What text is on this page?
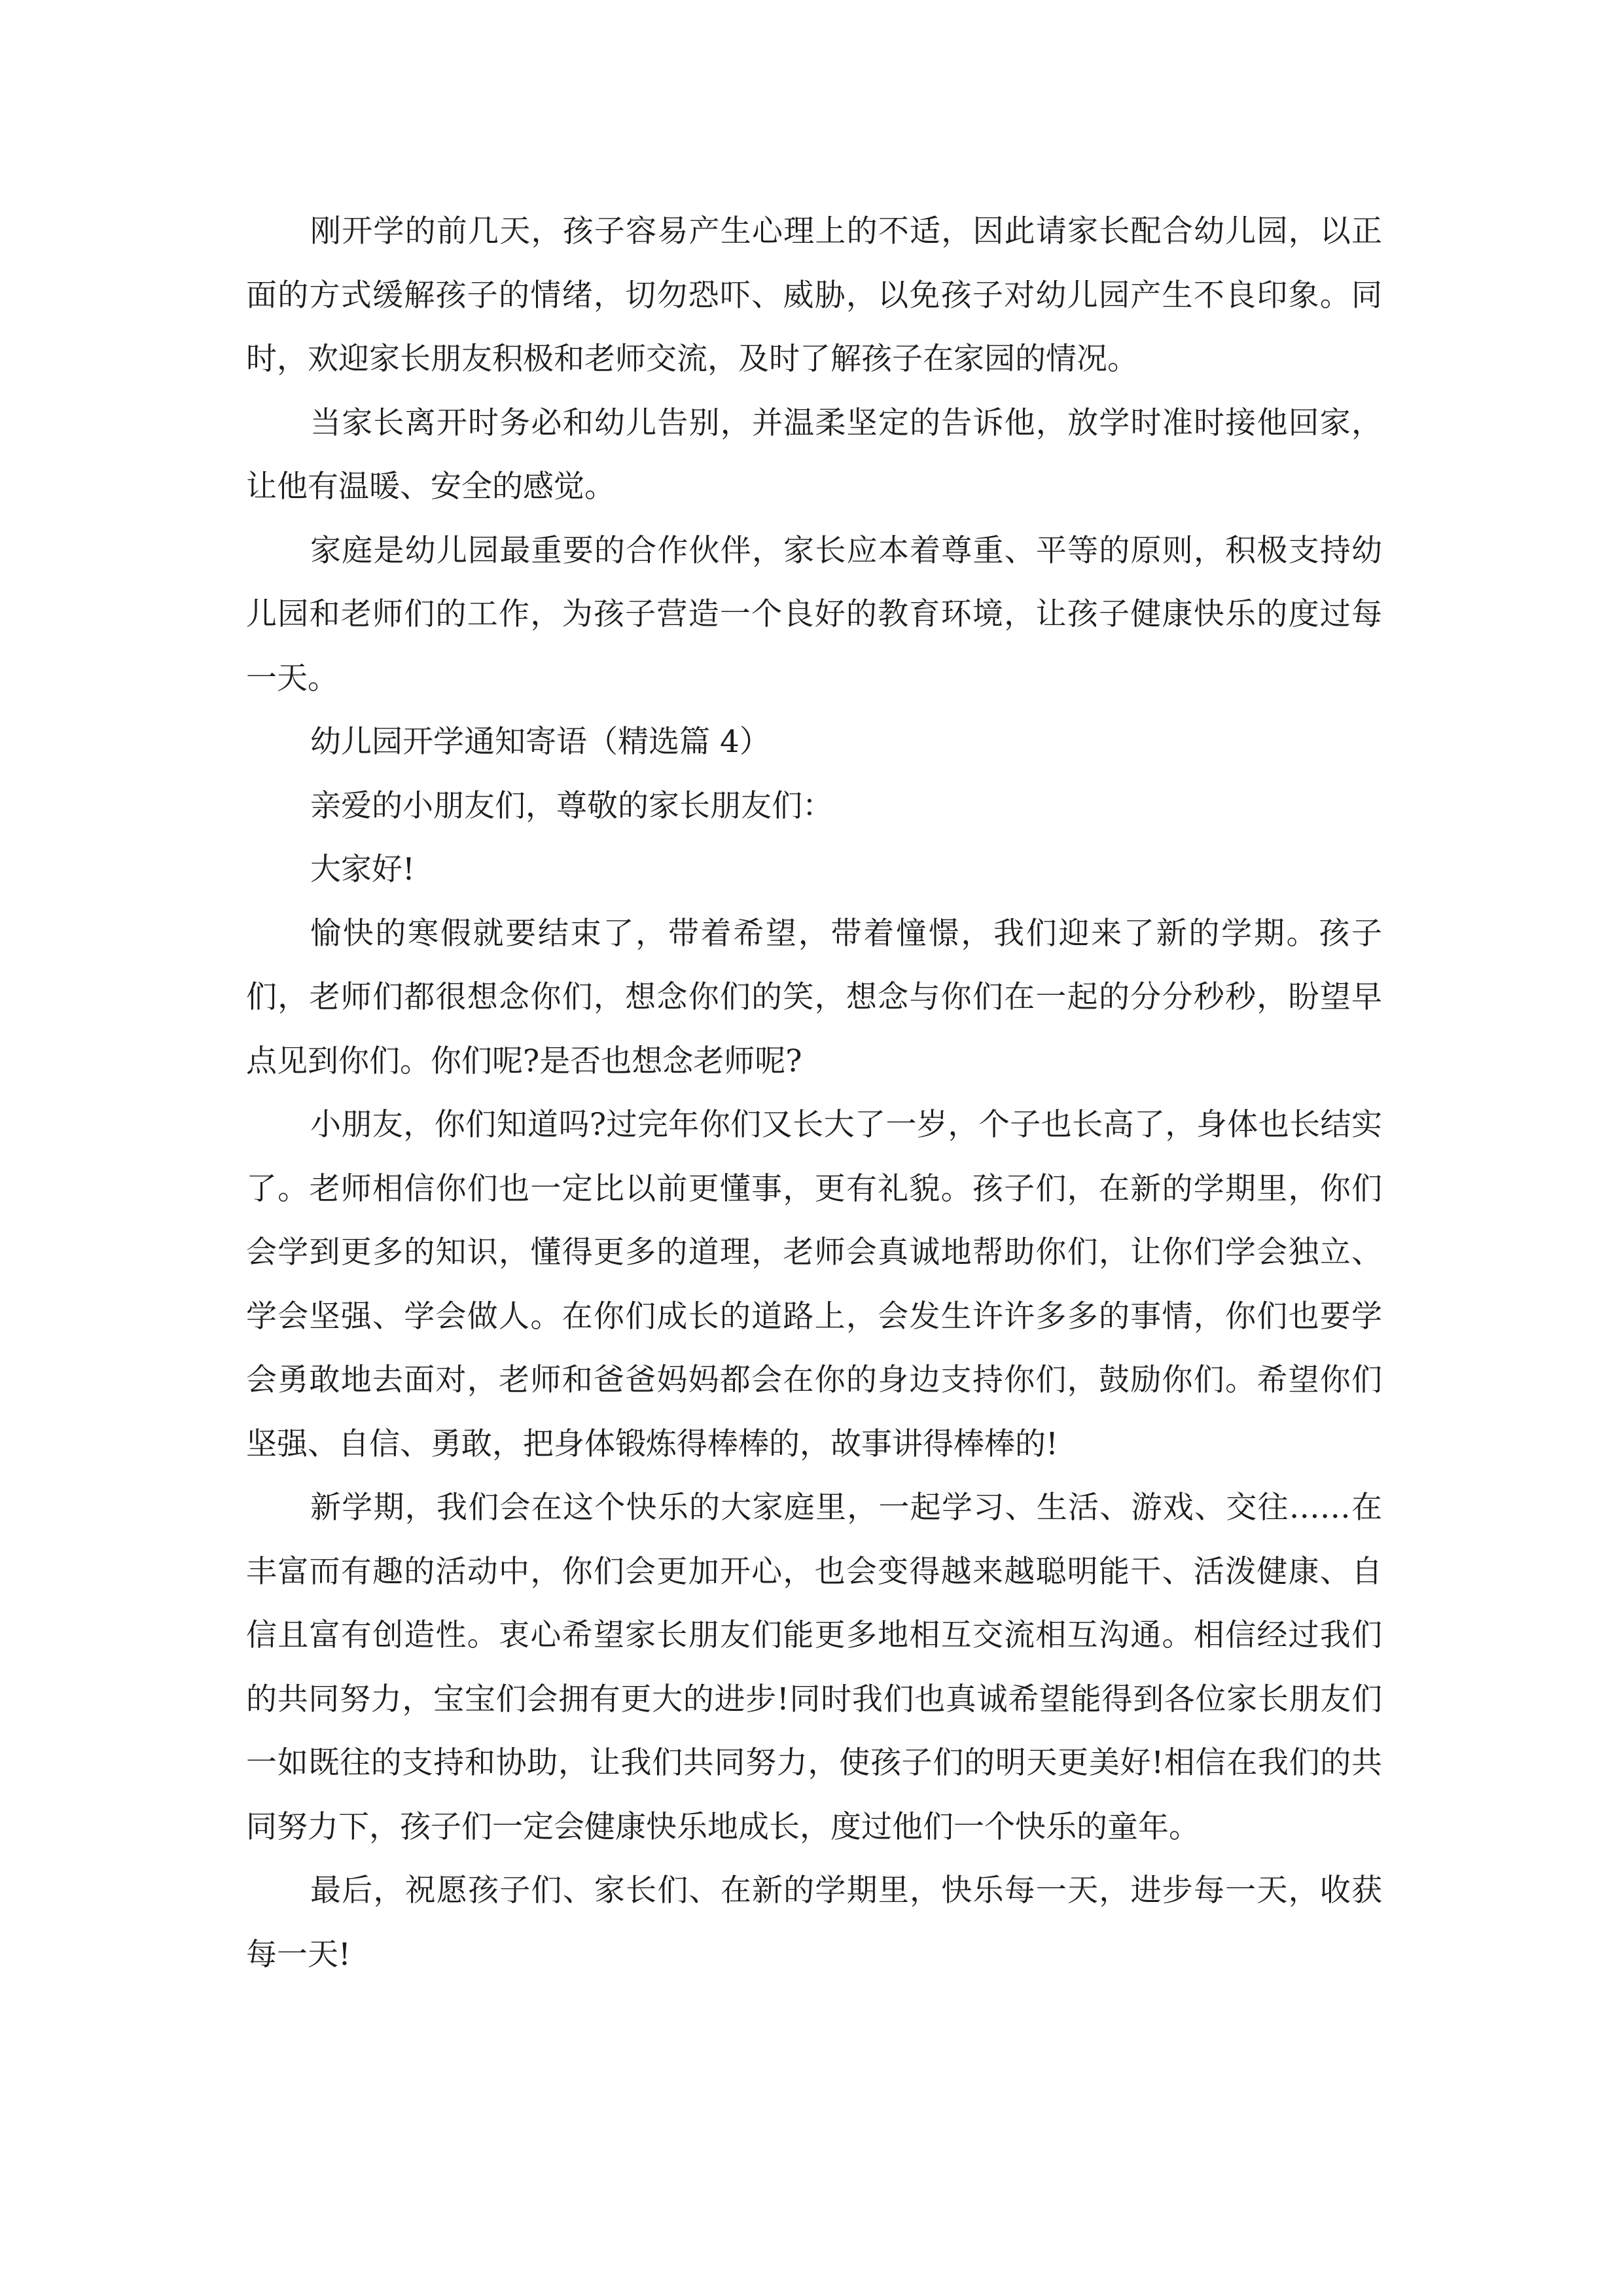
刚开学的前几天，孩子容易产生心理上的不适，因此请家长配合幼儿园，以正面的方式缓解孩子的情绪，切勿恐吓、威胁，以免孩子对幼儿园产生不良印象。同时，欢迎家长朋友积极和老师交流，及时了解孩子在家园的情况。

当家长离开时务必和幼儿告别，并温柔坚定的告诉他，放学时准时接他回家，让他有温暖、安全的感觉。

家庭是幼儿园最重要的合作伙伴，家长应本着尊重、平等的原则，积极支持幼儿园和老师们的工作，为孩子营造一个良好的教育环境，让孩子健康快乐的度过每一天。

幼儿园开学通知寄语（精选篇 4）

亲爱的小朋友们，尊敬的家长朋友们：

大家好!

愉快的寒假就要结束了，带着希望，带着憧憬，我们迎来了新的学期。孩子们，老师们都很想念你们，想念你们的笑，想念与你们在一起的分分秒秒，盼望早点见到你们。你们呢?是否也想念老师呢?

小朋友，你们知道吗?过完年你们又长大了一岁，个子也长高了，身体也长结实了。老师相信你们也一定比以前更懂事，更有礼貌。孩子们，在新的学期里，你们会学到更多的知识，懂得更多的道理，老师会真诚地帮助你们，让你们学会独立、学会坚强、学会做人。在你们成长的道路上，会发生许许多多的事情，你们也要学会勇敢地去面对，老师和爸爸妈妈都会在你的身边支持你们，鼓励你们。希望你们坚强、自信、勇敢，把身体锻炼得棒棒的，故事讲得棒棒的!

新学期，我们会在这个快乐的大家庭里，一起学习、生活、游戏、交往……在丰富而有趣的活动中，你们会更加开心，也会变得越来越聪明能干、活泼健康、自信且富有创造性。衷心希望家长朋友们能更多地相互交流相互沟通。相信经过我们的共同努力，宝宝们会拥有更大的进步!同时我们也真诚希望能得到各位家长朋友们一如既往的支持和协助，让我们共同努力，使孩子们的明天更美好!相信在我们的共同努力下，孩子们一定会健康快乐地成长，度过他们一个快乐的童年。

最后，祝愿孩子们、家长们、在新的学期里，快乐每一天，进步每一天，收获每一天!
